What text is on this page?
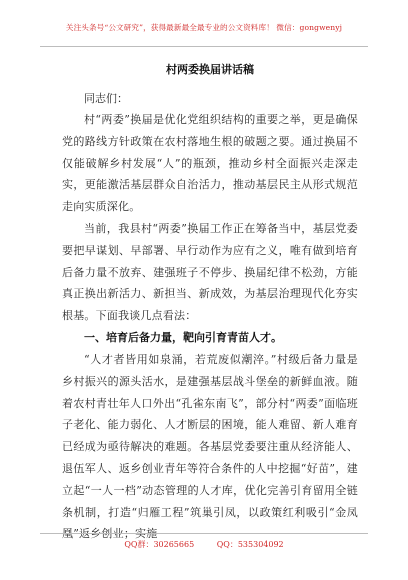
关注头条号“公文研究”，获得最新最全最专业的公文资料库！ 微信：gongwenyj
村两委换届讲话稿

同志们：

村“两委”换届是优化党组织结构的重要之举，更是确保党的路线方针政策在农村落地生根的破题之要。通过换届不仅能破解乡村发展“人”的瓶颈，推动乡村全面振兴走深走实，更能激活基层群众自治活力，推动基层民主从形式规范走向实质深化。

当前，我县村“两委”换届工作正在筹备当中，基层党委要把早谋划、早部署、早行动作为应有之义，唯有做到培育后备力量不放弃、建强班子不停步、换届纪律不松劲，方能真正换出新活力、新担当、新成效，为基层治理现代化夯实根基。下面我谈几点看法：

一、培育后备力量，靶向引育青苗人才。

“人才者皆用如泉涌，若荒废似潮淬。”村级后备力量是乡村振兴的源头活水，是建强基层战斗堡垒的新鲜血液。随着农村青壮年人口外出“孔雀东南飞”，部分村“两委”面临班子老化、能力弱化、人才断层的困境，能人难留、新人难育已经成为亟待解决的难题。各基层党委要注重从经济能人、退伍军人、返乡创业青年等符合条件的人中挖掘“好苗”，建立起“一人一档”动态管理的人才库，优化完善引育留用全链条机制，打造“归雁工程”筑巢引凤，以政策红利吸引“金凤凰”返乡创业；实施

QQ群：30265665	QQ：535304092
